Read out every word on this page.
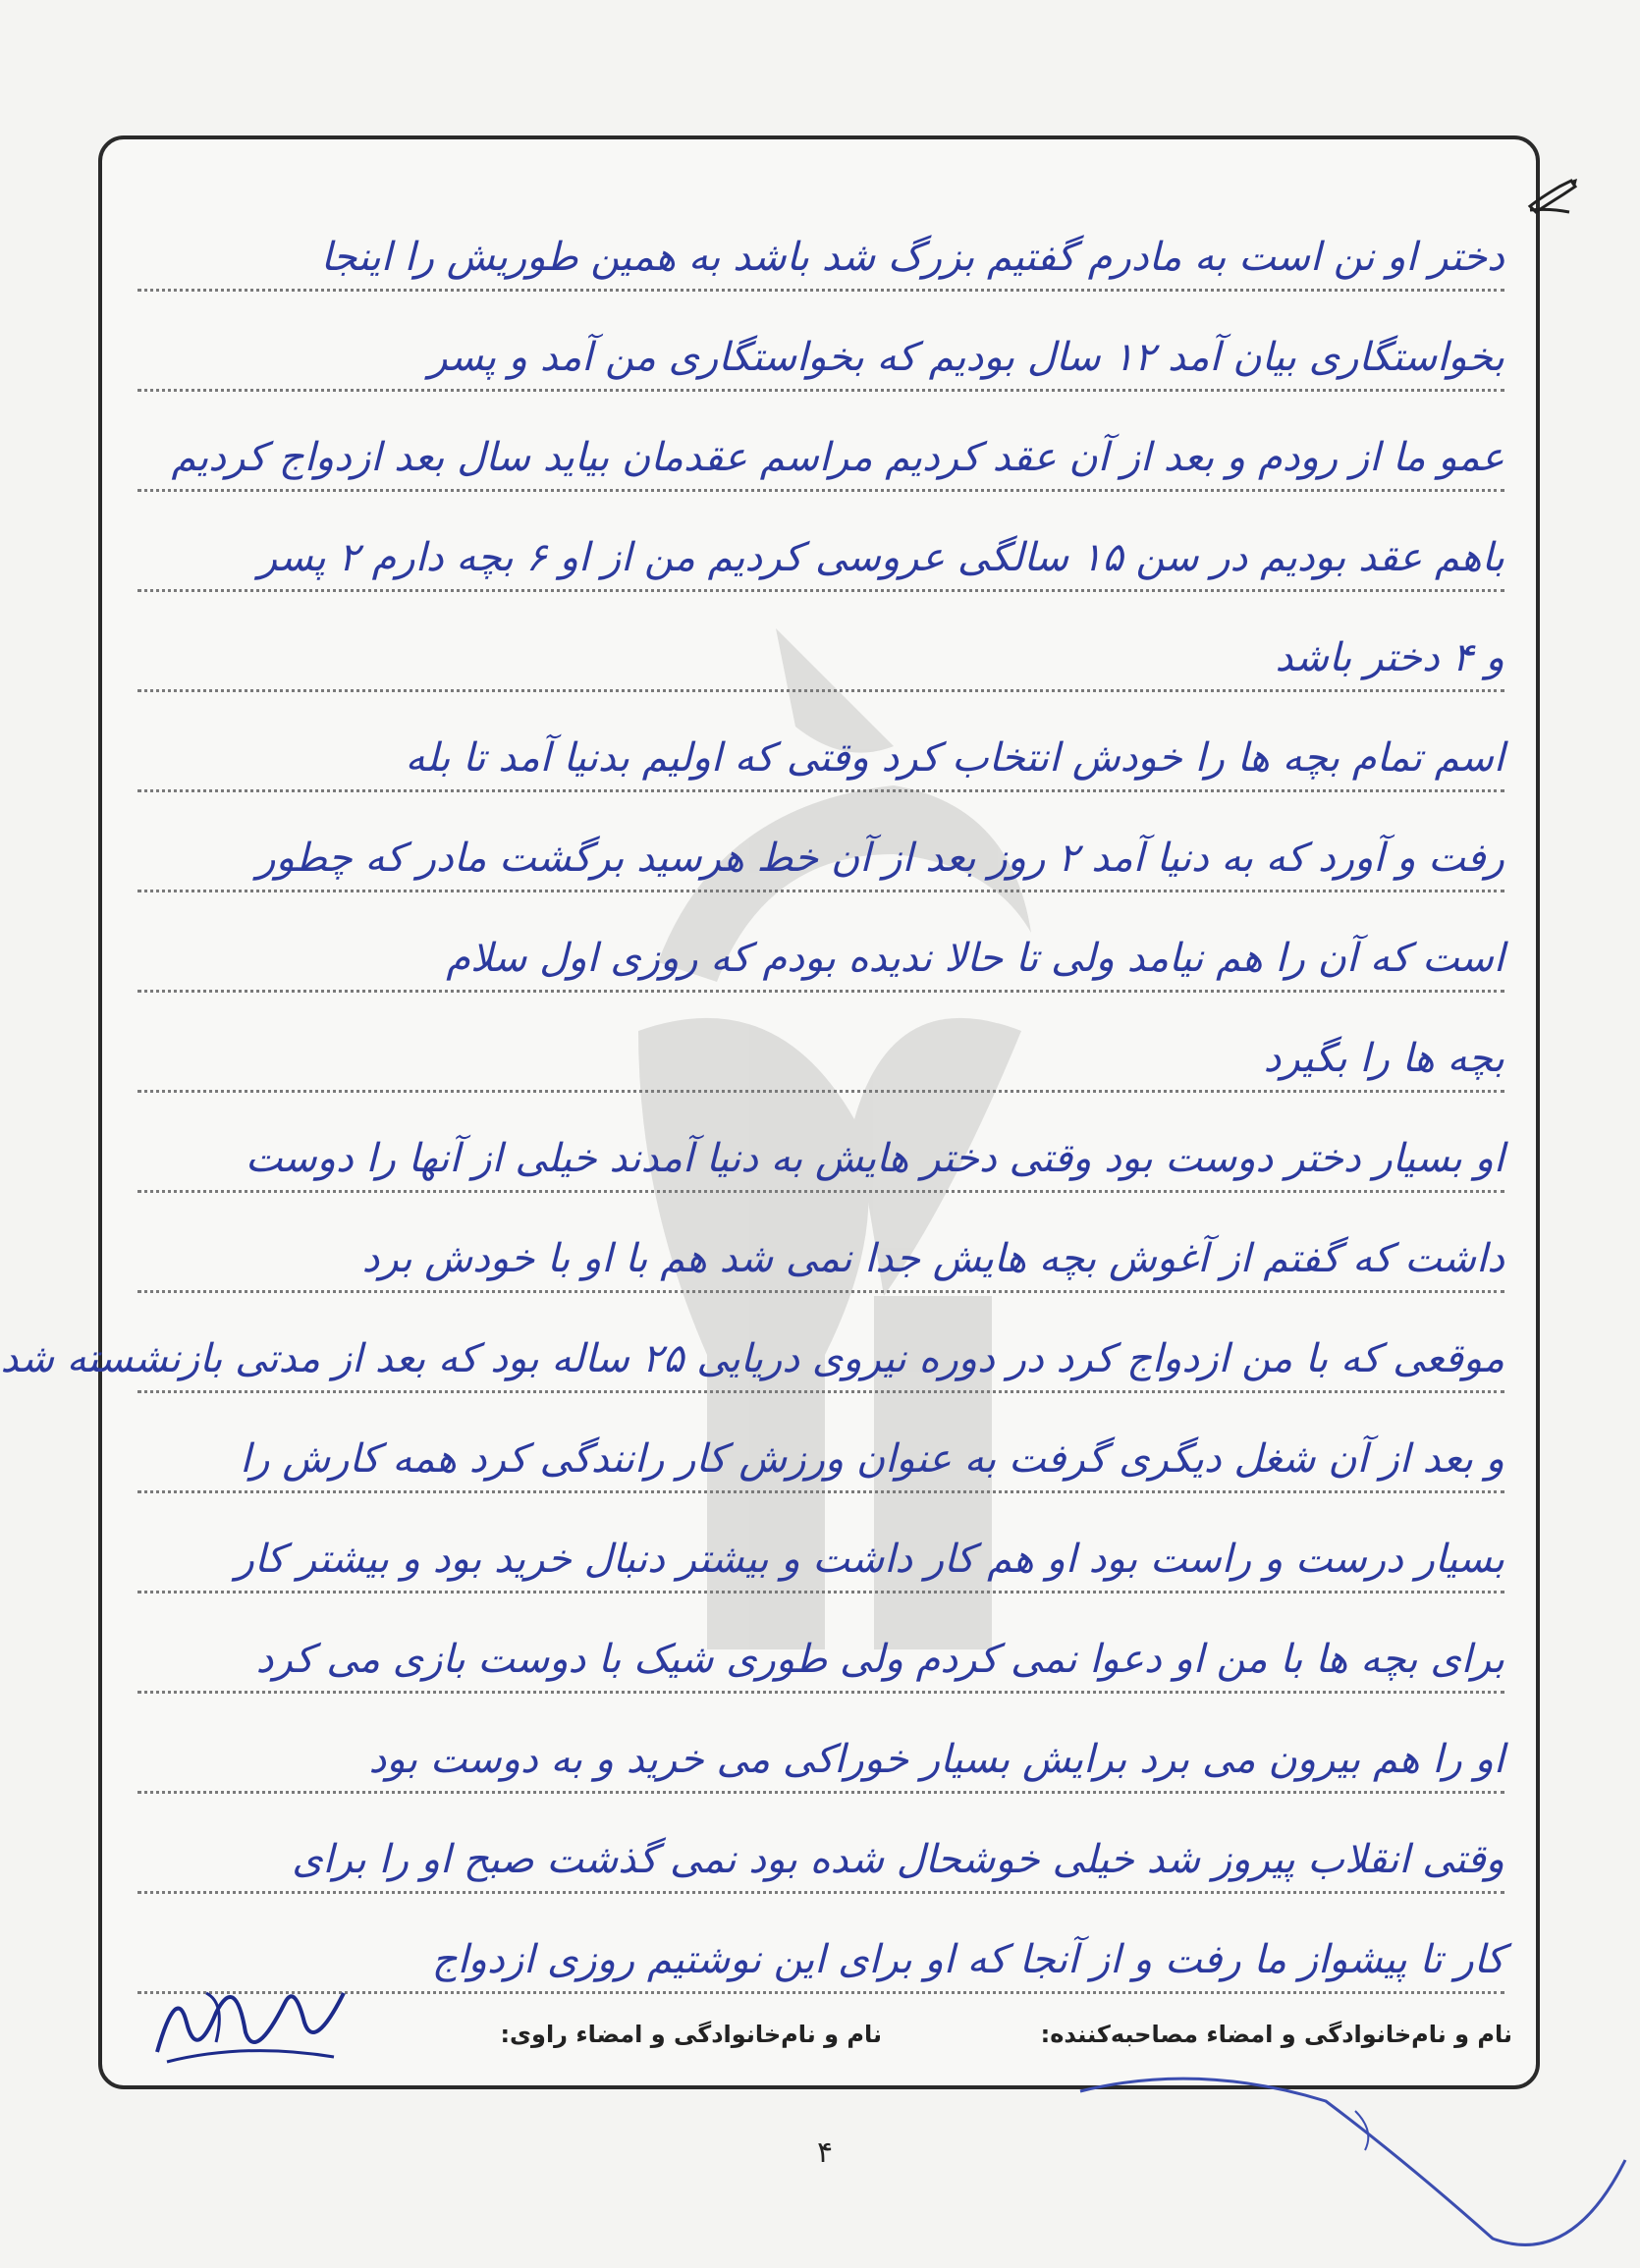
دختر او نن است به مادرم گفتیم بزرگ شد باشد به همین طوریش را اینجا
بخواستگاری بیان آمد ۱۲ سال بودیم که بخواستگاری من آمد و پسر
عمو ما از رودم و بعد از آن عقد کردیم مراسم عقدمان بیاید سال بعد ازدواج کردیم
باهم عقد بودیم در سن ۱۵ سالگی عروسی کردیم من از او ۶ بچه دارم ۲ پسر
و ۴ دختر باشد
اسم تمام بچه ها را خودش انتخاب کرد وقتی که اولیم بدنیا آمد تا بله
رفت و آورد که به دنیا آمد ۲ روز بعد از آن خط هرسید برگشت مادر که چطور
است که آن را هم نیامد ولی تا حالا ندیده بودم که روزی اول سلام
بچه ها را بگیرد
او بسیار دختر دوست بود وقتی دختر هایش به دنیا آمدند خیلی از آنها را دوست
داشت که گفتم از آغوش بچه هایش جدا نمی شد هم با او با خودش برد
موقعی که با من ازدواج کرد در دوره نیروی دریایی ۲۵ ساله بود که بعد از مدتی بازنشسته شد
و بعد از آن شغل دیگری گرفت به عنوان ورزش کار رانندگی کرد همه کارش را
بسیار درست و راست بود او هم کار داشت و بیشتر دنبال خرید بود و بیشتر کار
برای بچه ها با من او دعوا نمی کردم ولی طوری شیک با دوست بازی می کرد
او را هم بیرون می برد برایش بسیار خوراکی می خرید و به دوست بود
وقتی انقلاب پیروز شد خیلی خوشحال شده بود نمی گذشت صبح او را برای
کار تا پیشواز ما رفت و از آنجا که او برای این نوشتیم روزی ازدواج
نام و نام‌خانوادگی و امضاء مصاحبه‌کننده:
نام و نام‌خانوادگی و امضاء راوی:
۴
